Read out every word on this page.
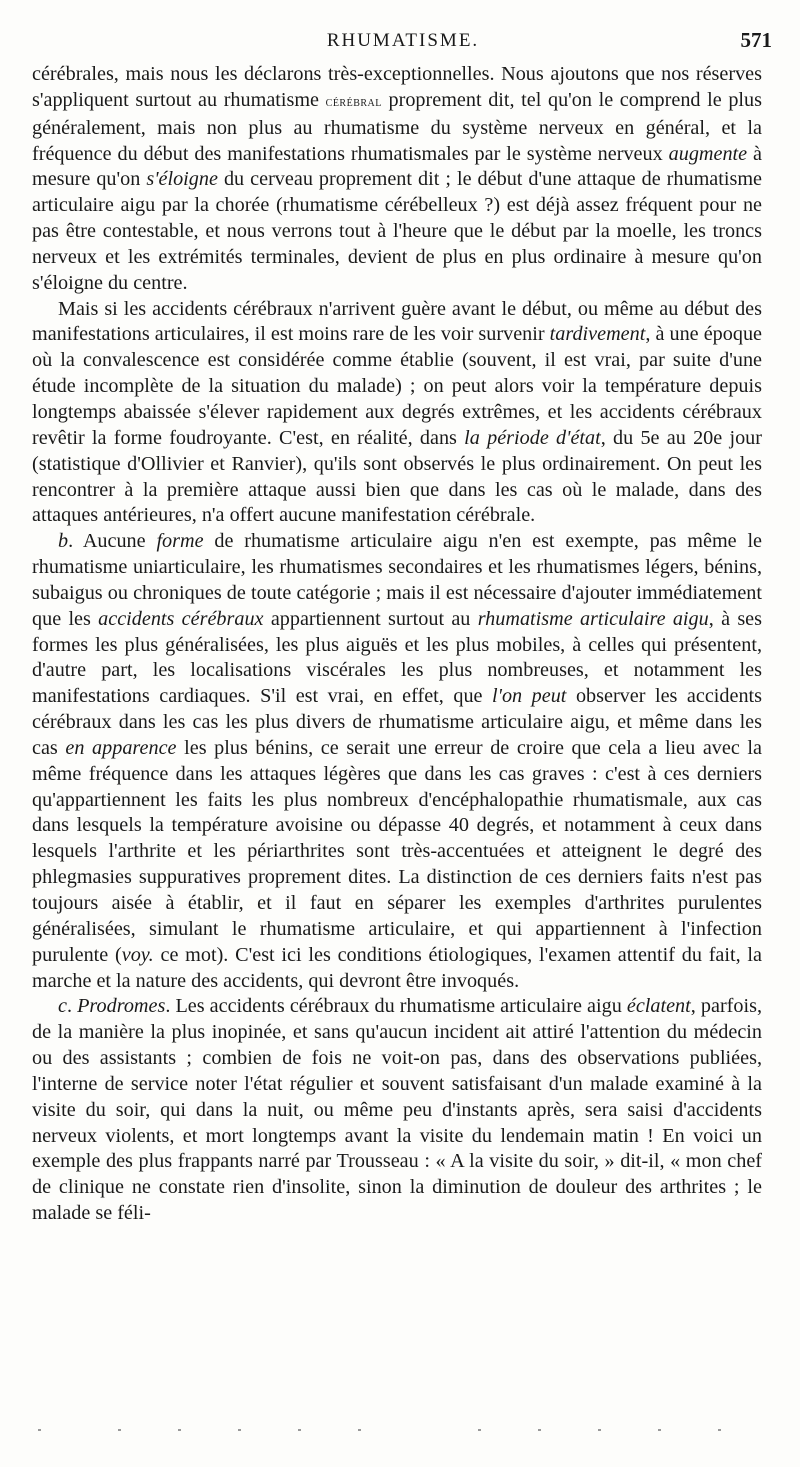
RHUMATISME.	571

cérébrales, mais nous les déclarons très-exceptionnelles. Nous ajoutons que nos réserves s'appliquent surtout au rhumatisme cérébral proprement dit, tel qu'on le comprend le plus généralement, mais non plus au rhumatisme du système nerveux en général, et la fréquence du début des manifestations rhumatismales par le système nerveux augmente à mesure qu'on s'éloigne du cerveau proprement dit ; le début d'une attaque de rhumatisme articulaire aigu par la chorée (rhumatisme cérébelleux ?) est déjà assez fréquent pour ne pas être contestable, et nous verrons tout à l'heure que le début par la moelle, les troncs nerveux et les extrémités terminales, devient de plus en plus ordinaire à mesure qu'on s'éloigne du centre.

Mais si les accidents cérébraux n'arrivent guère avant le début, ou même au début des manifestations articulaires, il est moins rare de les voir survenir tardivement, à une époque où la convalescence est considérée comme établie (souvent, il est vrai, par suite d'une étude incomplète de la situation du malade) ; on peut alors voir la température depuis longtemps abaissée s'élever rapidement aux degrés extrêmes, et les accidents cérébraux revêtir la forme foudroyante. C'est, en réalité, dans la période d'état, du 5e au 20e jour (statistique d'Ollivier et Ranvier), qu'ils sont observés le plus ordinairement. On peut les rencontrer à la première attaque aussi bien que dans les cas où le malade, dans des attaques antérieures, n'a offert aucune manifestation cérébrale.

b. Aucune forme de rhumatisme articulaire aigu n'en est exempte, pas même le rhumatisme uniarticulaire, les rhumatismes secondaires et les rhumatismes légers, bénins, subaigus ou chroniques de toute catégorie ; mais il est nécessaire d'ajouter immédiatement que les accidents cérébraux appartiennent surtout au rhumatisme articulaire aigu, à ses formes les plus généralisées, les plus aiguës et les plus mobiles, à celles qui présentent, d'autre part, les localisations viscérales les plus nombreuses, et notamment les manifestations cardiaques. S'il est vrai, en effet, que l'on peut observer les accidents cérébraux dans les cas les plus divers de rhumatisme articulaire aigu, et même dans les cas en apparence les plus bénins, ce serait une erreur de croire que cela a lieu avec la même fréquence dans les attaques légères que dans les cas graves : c'est à ces derniers qu'appartiennent les faits les plus nombreux d'encéphalopathie rhumatismale, aux cas dans lesquels la température avoisine ou dépasse 40 degrés, et notamment à ceux dans lesquels l'arthrite et les périarthrites sont très-accentuées et atteignent le degré des phlegmasies suppuratives proprement dites. La distinction de ces derniers faits n'est pas toujours aisée à établir, et il faut en séparer les exemples d'arthrites purulentes généralisées, simulant le rhumatisme articulaire, et qui appartiennent à l'infection purulente (voy. ce mot). C'est ici les conditions étiologiques, l'examen attentif du fait, la marche et la nature des accidents, qui devront être invoqués.

c. Prodromes. Les accidents cérébraux du rhumatisme articulaire aigu éclatent, parfois, de la manière la plus inopinée, et sans qu'aucun incident ait attiré l'attention du médecin ou des assistants ; combien de fois ne voit-on pas, dans des observations publiées, l'interne de service noter l'état régulier et souvent satisfaisant d'un malade examiné à la visite du soir, qui dans la nuit, ou même peu d'instants après, sera saisi d'accidents nerveux violents, et mort longtemps avant la visite du lendemain matin ! En voici un exemple des plus frappants narré par Trousseau : « A la visite du soir, » dit-il, « mon chef de clinique ne constate rien d'insolite, sinon la diminution de douleur des arthrites ; le malade se féli-
